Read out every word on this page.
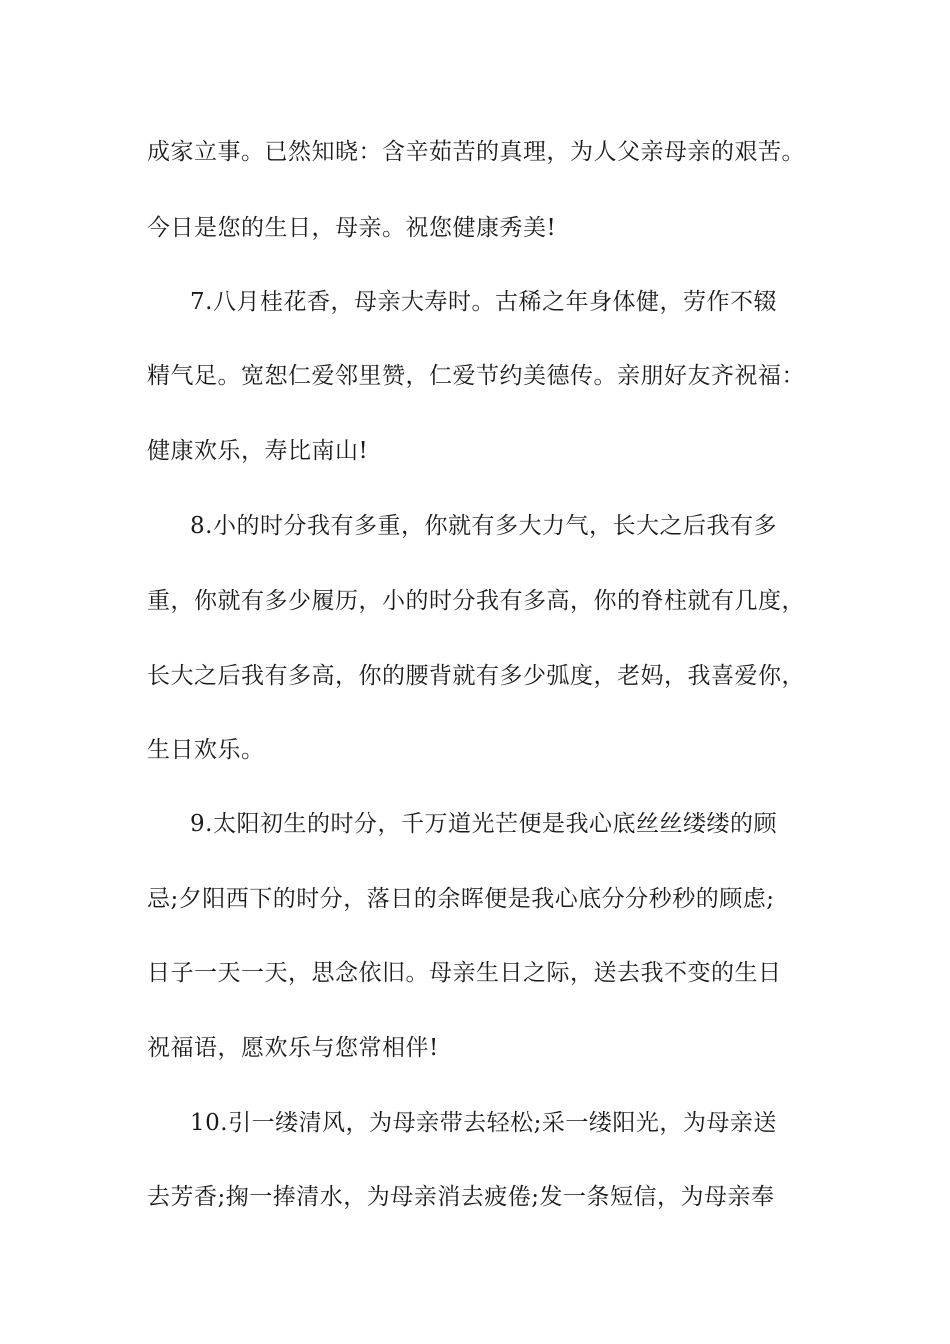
成家立事。已然知晓：含辛茹苦的真理，为人父亲母亲的艰苦。
今日是您的生日，母亲。祝您健康秀美!
7.八月桂花香，母亲大寿时。古稀之年身体健，劳作不辍
精气足。宽恕仁爱邻里赞，仁爱节约美德传。亲朋好友齐祝福：
健康欢乐，寿比南山!
8.小的时分我有多重，你就有多大力气，长大之后我有多
重，你就有多少履历，小的时分我有多高，你的脊柱就有几度，
长大之后我有多高，你的腰背就有多少弧度，老妈，我喜爱你，
生日欢乐。
9.太阳初生的时分，千万道光芒便是我心底丝丝缕缕的顾
忌;夕阳西下的时分，落日的余晖便是我心底分分秒秒的顾虑;
日子一天一天，思念依旧。母亲生日之际，送去我不变的生日
祝福语，愿欢乐与您常相伴!
10.引一缕清风，为母亲带去轻松;采一缕阳光，为母亲送
去芳香;掬一捧清水，为母亲消去疲倦;发一条短信，为母亲奉
